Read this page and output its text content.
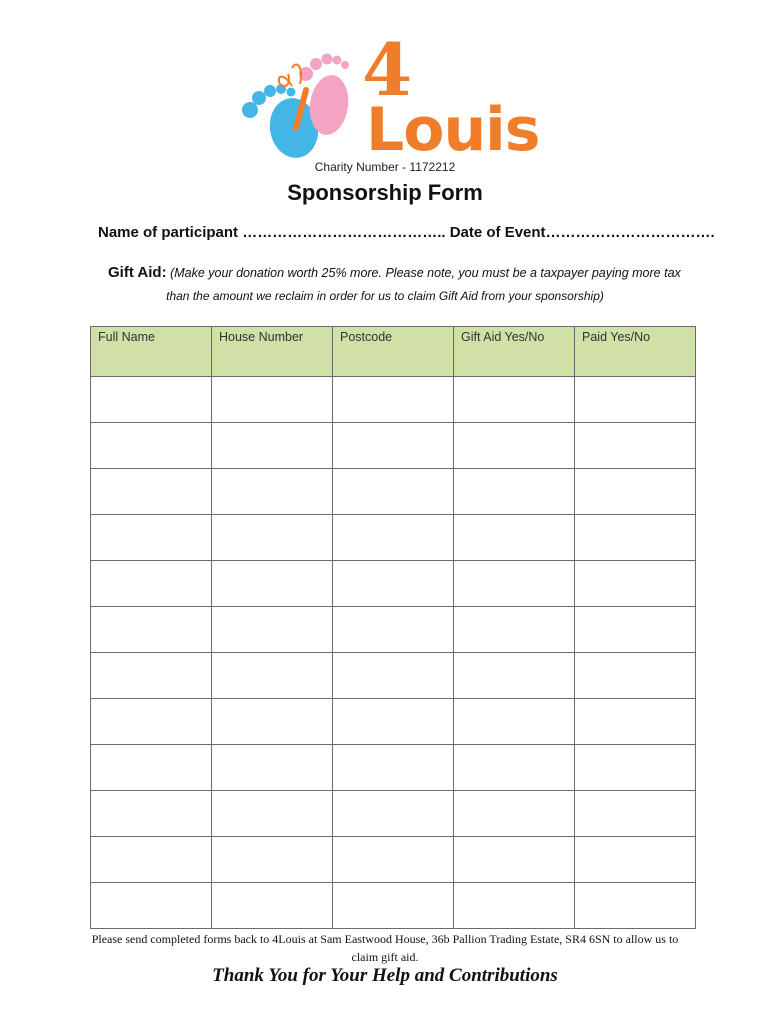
4
Louis
Charity Number - 1172212
Sponsorship Form
Name of participant ………………………………….. Date of Event…………………………….
Gift Aid: (Make your donation worth 25% more. Please note, you must be a taxpayer paying more tax
than the amount we reclaim in order for us to claim Gift Aid from your sponsorship)
Full Name	House Number	Postcode	Gift Aid Yes/No	Paid Yes/No

Please send completed forms back to 4Louis at Sam Eastwood House, 36b Pallion Trading Estate, SR4 6SN to allow us to
claim gift aid.
Thank You for Your Help and Contributions
